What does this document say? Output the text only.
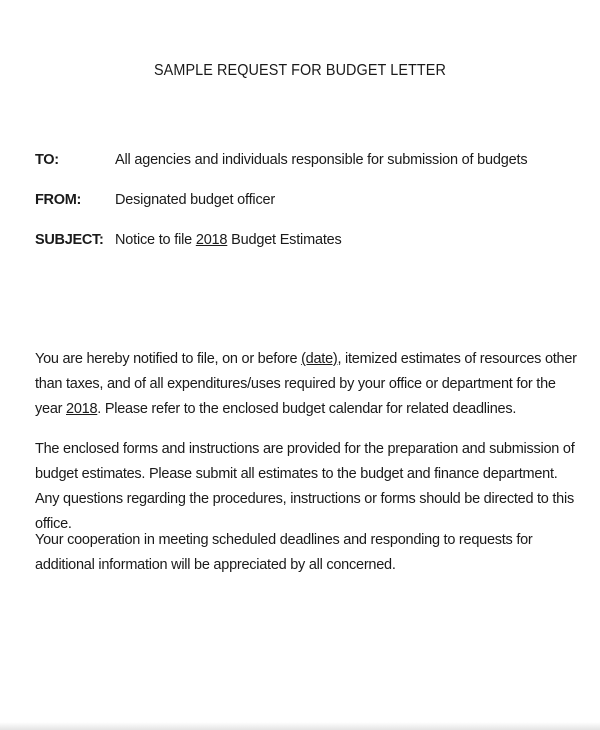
SAMPLE REQUEST FOR BUDGET LETTER
TO:	All agencies and individuals responsible for submission of budgets
FROM: Designated budget officer
SUBJECT: Notice to file 2018 Budget Estimates

You are hereby notified to file, on or before (date), itemized estimates of resources other than taxes, and of all expenditures/uses required by your office or department for the year 2018. Please refer to the enclosed budget calendar for related deadlines.

The enclosed forms and instructions are provided for the preparation and submission of budget estimates. Please submit all estimates to the budget and finance department. Any questions regarding the procedures, instructions or forms should be directed to this office.

Your cooperation in meeting scheduled deadlines and responding to requests for additional information will be appreciated by all concerned.
